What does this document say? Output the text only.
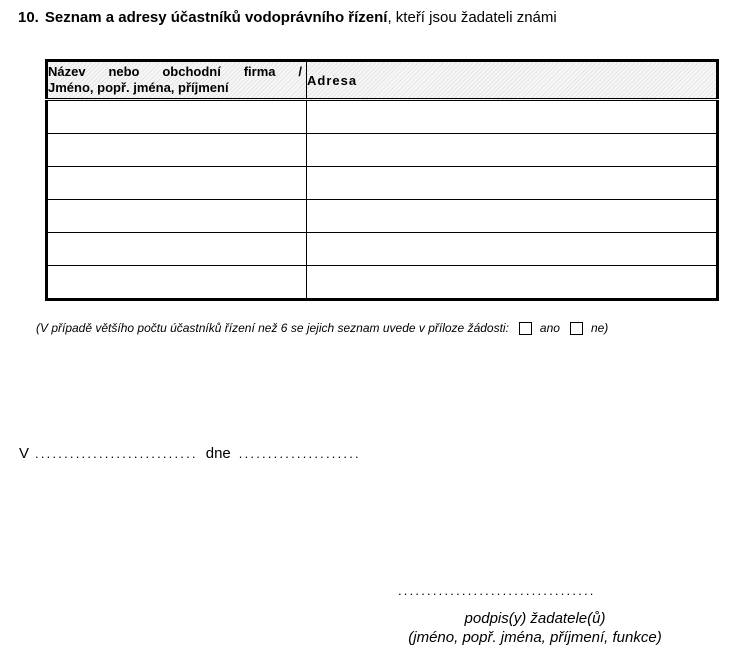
10. Seznam a adresy účastníků vodoprávního řízení, kteří jsou žadateli známi
Název nebo obchodní firma /
Jméno, popř. jména, příjmení	Adresa

(V případě většího počtu účastníků řízení než 6 se jejich seznam uvede v příloze žádosti:	ano	ne)
V ............................ dne .....................
..................................
podpis(y) žadatele(ů)
(jméno, popř. jména, příjmení, funkce)
